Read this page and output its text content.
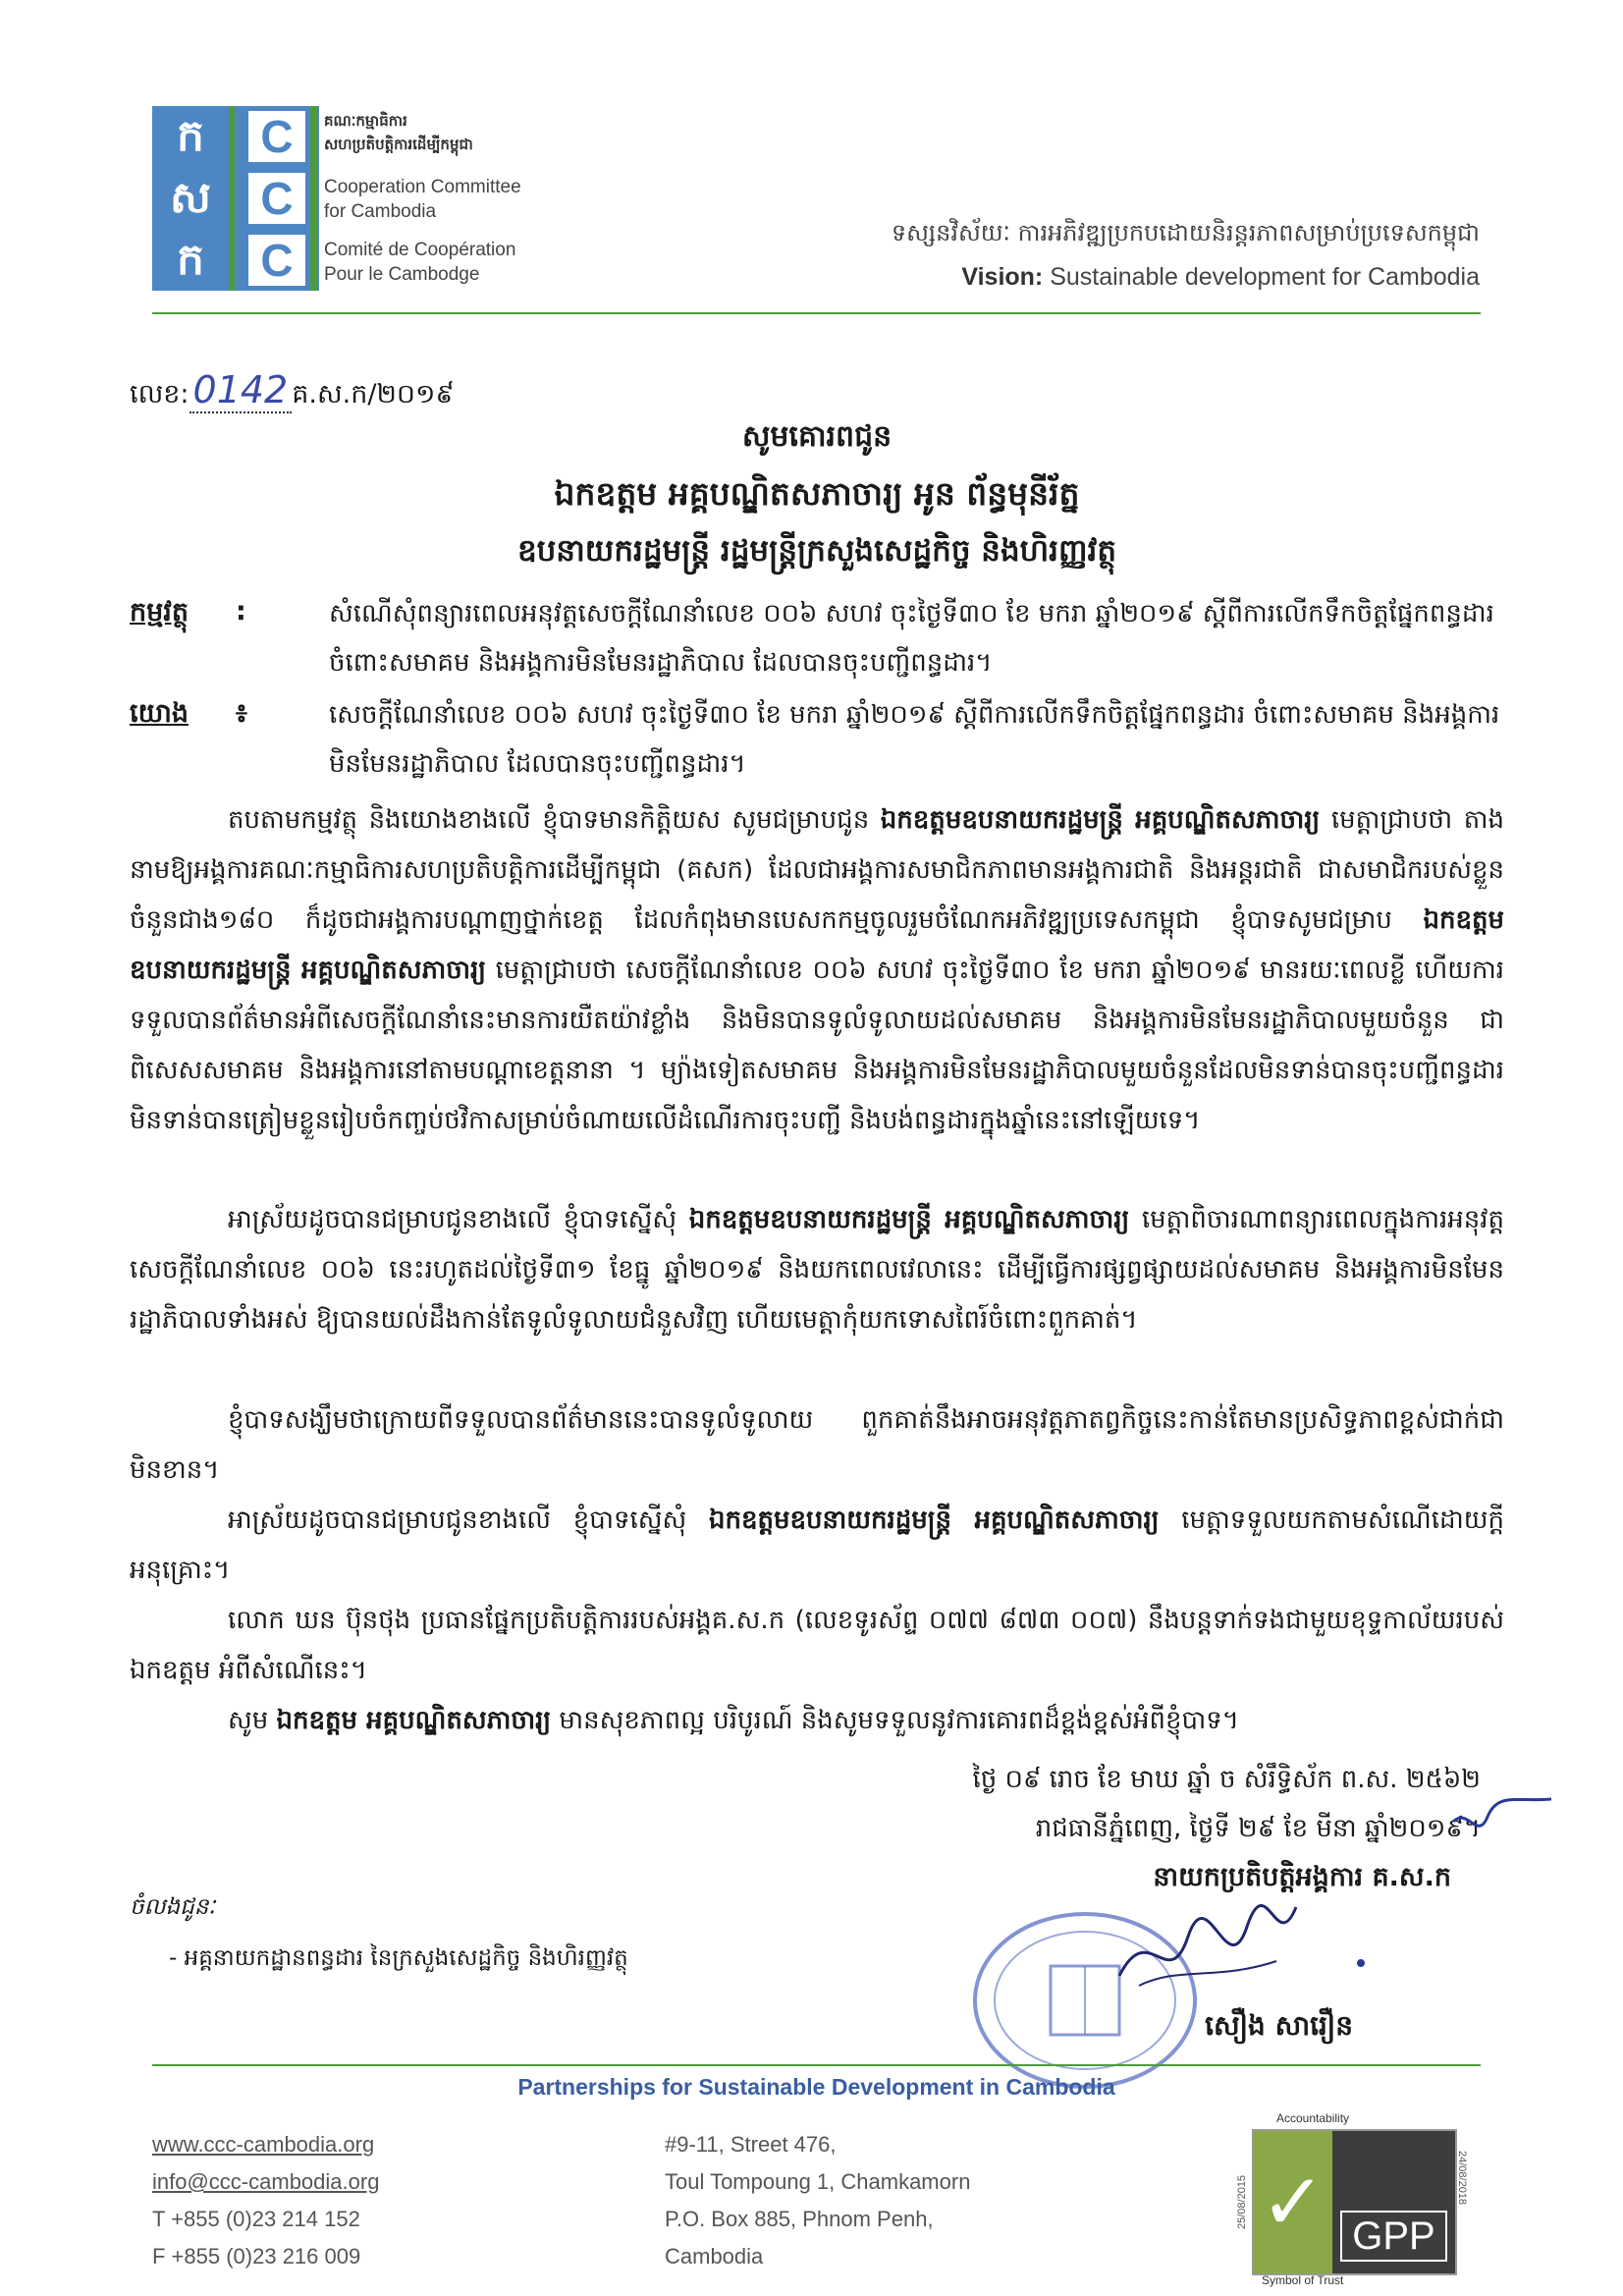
ក
ស
ក
C
C
C
គណៈកម្មាធិការ
សហប្រតិបត្តិការដើម្បីកម្ពុជា
Cooperation Committee
for Cambodia
Comité de Coopération
Pour le Cambodge
ទស្សនវិស័យៈ ការអភិវឌ្ឍប្រកបដោយនិរន្តរភាពសម្រាប់ប្រទេសកម្ពុជា
Vision: Sustainable development for Cambodia
លេខ: 0142 គ.ស.ក/២០១៩
សូមគោរពជូន
ឯកឧត្តម អគ្គបណ្ឌិតសភាចារ្យ អូន ព័ន្ធមុនីរ័ត្ន
ឧបនាយករដ្ឋមន្ត្រី រដ្ឋមន្ត្រីក្រសួងសេដ្ឋកិច្ច និងហិរញ្ញវត្ថុ
កម្មវត្ថុ :	សំណើសុំពន្យារពេលអនុវត្តសេចក្តីណែនាំលេខ ០០៦ សហវ ចុះថ្ងៃទី៣០ ខែ មករា ឆ្នាំ២០១៩ ស្តីពីការលើកទឹកចិត្តផ្នែកពន្ធដារ ចំពោះសមាគម និងអង្គការមិនមែនរដ្ឋាភិបាល ដែលបានចុះបញ្ជីពន្ធដារ។
យោង ៖	សេចក្តីណែនាំលេខ ០០៦ សហវ ចុះថ្ងៃទី៣០ ខែ មករា ឆ្នាំ២០១៩ ស្តីពីការលើកទឹកចិត្តផ្នែកពន្ធដារ ចំពោះសមាគម និងអង្គការមិនមែនរដ្ឋាភិបាល ដែលបានចុះបញ្ជីពន្ធដារ។

តបតាមកម្មវត្ថុ និងយោងខាងលើ ខ្ញុំបាទមានកិត្តិយស សូមជម្រាបជូន ឯកឧត្តមឧបនាយករដ្ឋមន្ត្រី អគ្គបណ្ឌិតសភាចារ្យ មេត្តាជ្រាបថា តាងនាមឱ្យអង្គការគណៈកម្មាធិការសហប្រតិបត្តិការដើម្បីកម្ពុជា (គសក) ដែលជាអង្គការសមាជិកភាពមានអង្គការជាតិ និងអន្តរជាតិ ជាសមាជិករបស់ខ្លួនចំនួនជាង១៨០ ក៏ដូចជាអង្គការបណ្តាញថ្នាក់ខេត្ត ដែលកំពុងមានបេសកកម្មចូលរួមចំណែកអភិវឌ្ឍប្រទេសកម្ពុជា ខ្ញុំបាទសូមជម្រាប ឯកឧត្តមឧបនាយករដ្ឋមន្ត្រី អគ្គបណ្ឌិតសភាចារ្យ មេត្តាជ្រាបថា សេចក្តីណែនាំលេខ ០០៦ សហវ ចុះថ្ងៃទី៣០ ខែ មករា ឆ្នាំ២០១៩ មានរយៈពេលខ្លី ហើយការទទួលបានព័ត៌មានអំពីសេចក្តីណែនាំនេះមានការយឺតយ៉ាវខ្លាំង និងមិនបានទូលំទូលាយដល់សមាគម និងអង្គការមិនមែនរដ្ឋាភិបាលមួយចំនួន ជាពិសេសសមាគម និងអង្គការនៅតាមបណ្តាខេត្តនានា ។ ម្យ៉ាងទៀតសមាគម និងអង្គការមិនមែនរដ្ឋាភិបាលមួយចំនួនដែលមិនទាន់បានចុះបញ្ជីពន្ធដារ មិនទាន់បានត្រៀមខ្លួនរៀបចំកញ្ចប់ថវិកាសម្រាប់ចំណាយលើដំណើរការចុះបញ្ជី និងបង់ពន្ធដារក្នុងឆ្នាំនេះនៅឡើយទេ។

អាស្រ័យដូចបានជម្រាបជូនខាងលើ ខ្ញុំបាទស្នើសុំ ឯកឧត្តមឧបនាយករដ្ឋមន្ត្រី អគ្គបណ្ឌិតសភាចារ្យ មេត្តាពិចារណាពន្យារពេលក្នុងការអនុវត្តសេចក្តីណែនាំលេខ ០០៦ នេះរហូតដល់ថ្ងៃទី៣១ ខែធ្នូ ឆ្នាំ២០១៩ និងយកពេលវេលានេះ ដើម្បីធ្វើការផ្សព្វផ្សាយដល់សមាគម និងអង្គការមិនមែនរដ្ឋាភិបាលទាំងអស់ ឱ្យបានយល់ដឹងកាន់តែទូលំទូលាយជំនួសវិញ ហើយមេត្តាកុំយកទោសពៃរ៍ចំពោះពួកគាត់។

ខ្ញុំបាទសង្ឃឹមថាក្រោយពីទទួលបានព័ត៌មាននេះបានទូលំទូលាយ ពួកគាត់នឹងអាចអនុវត្តភាតព្វកិច្ចនេះកាន់តែមានប្រសិទ្ធភាពខ្ពស់ជាក់ជាមិនខាន។

អាស្រ័យដូចបានជម្រាបជូនខាងលើ ខ្ញុំបាទស្នើសុំ ឯកឧត្តមឧបនាយករដ្ឋមន្ត្រី អគ្គបណ្ឌិតសភាចារ្យ មេត្តាទទួលយកតាមសំណើដោយក្តីអនុគ្រោះ។

លោក ឃន ប៊ុនថុង ប្រធានផ្នែកប្រតិបត្តិការរបស់អង្គគ.ស.ក (លេខទូរស័ព្ទ ០៧៧ ៨៧៣ ០០៧) នឹងបន្តទាក់ទងជាមួយខុទ្ទកាល័យរបស់ឯកឧត្តម អំពីសំណើនេះ។

សូម ឯកឧត្តម អគ្គបណ្ឌិតសភាចារ្យ មានសុខភាពល្អ បរិបូរណ៍ និងសូមទទួលនូវការគោរពដ៏ខ្ពង់ខ្ពស់អំពីខ្ញុំបាទ។

ថ្ងៃ ០៩ រោច ខែ មាឃ ឆ្នាំ ច សំរឹទ្ធិស័ក ព.ស. ២៥៦២
រាជធានីភ្នំពេញ, ថ្ងៃទី ២៩ ខែ មីនា ឆ្នាំ២០១៩។
នាយកប្រតិបត្តិអង្គការ គ.ស.ក
សឿង សារឿន
ចំលងជូនៈ
- អគ្គនាយកដ្ឋានពន្ធដារ នៃក្រសួងសេដ្ឋកិច្ច និងហិរញ្ញវត្ថុ
Partnerships for Sustainable Development in Cambodia
www.ccc-cambodia.org
info@ccc-cambodia.org
T +855 (0)23 214 152
F +855 (0)23 216 009
#9-11, Street 476,
Toul Tompoung 1, Chamkamorn
P.O. Box 885, Phnom Penh,
Cambodia
Accountability
✓ GPP
25/08/2015	24/08/2018
Symbol of Trust
